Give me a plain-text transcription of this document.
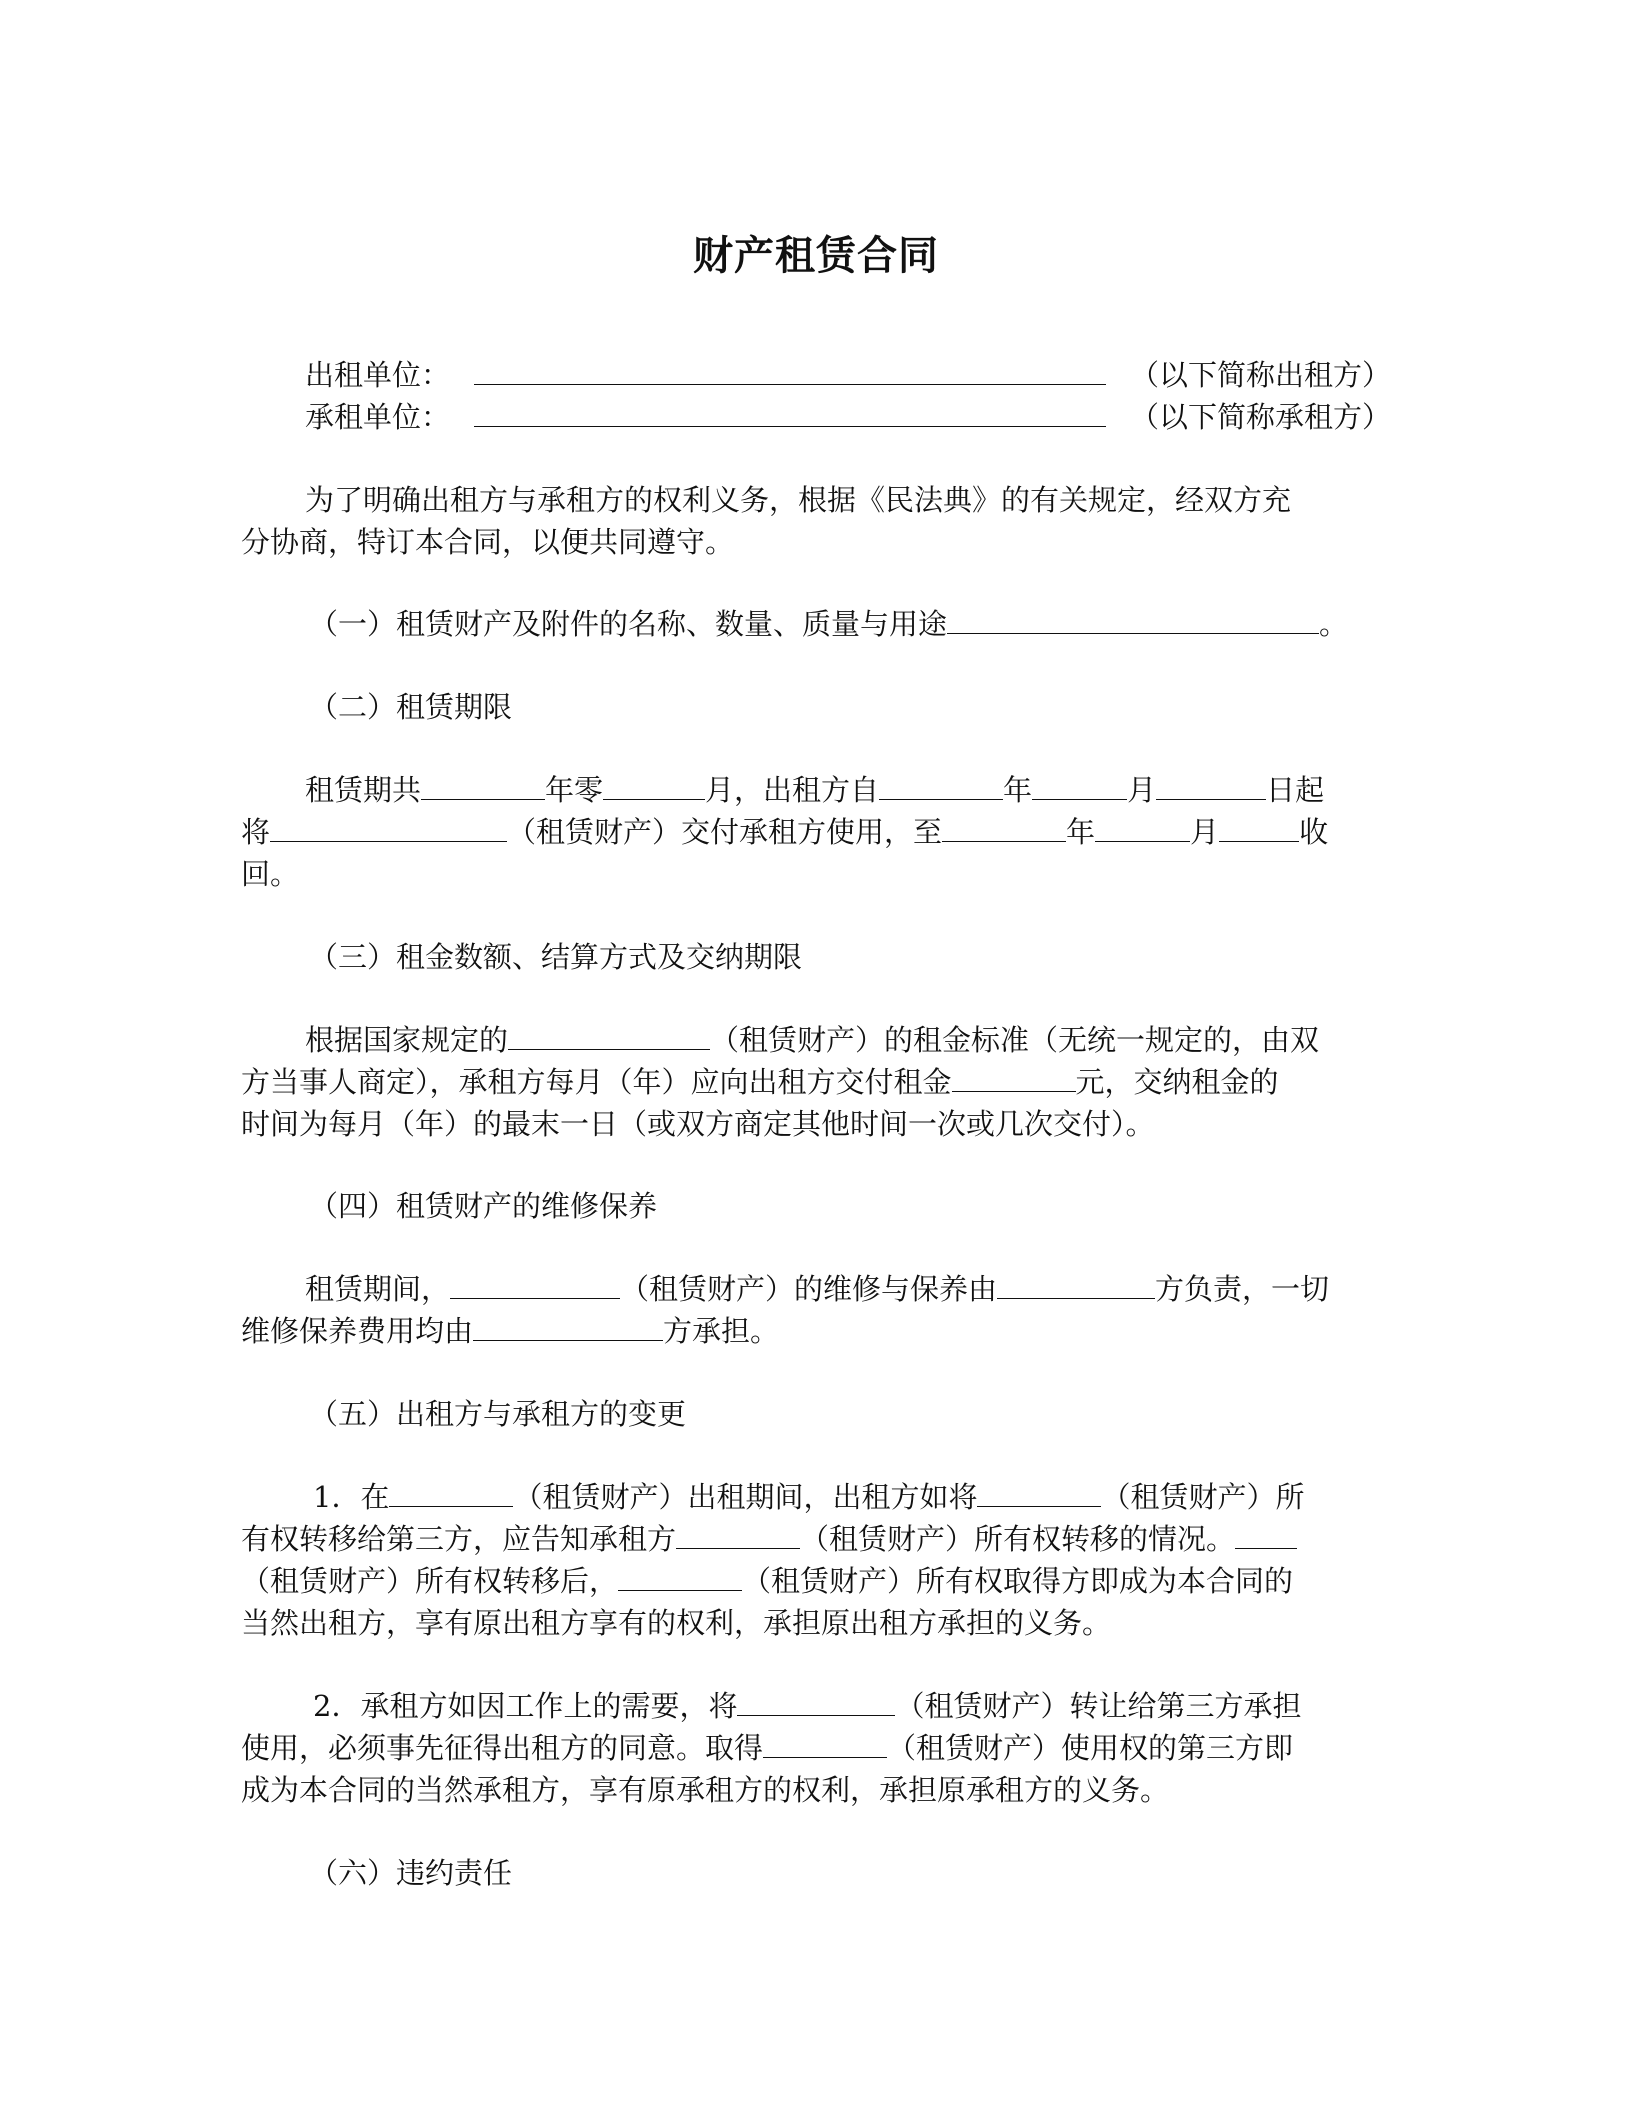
财产租赁合同
出租单位：	（以下简称出租方）
承租单位：	（以下简称承租方）
为了明确出租方与承租方的权利义务，根据《民法典》的有关规定，经双方充
分协商，特订本合同，以便共同遵守。
（一）租赁财产及附件的名称、数量、质量与用途	。
（二）租赁期限
租赁期共	年零	月，出租方自	年	月	日起
将	（租赁财产）交付承租方使用，至	年	月	收
回。
（三）租金数额、结算方式及交纳期限
根据国家规定的	（租赁财产）的租金标准（无统一规定的，由双
方当事人商定），承租方每月（年）应向出租方交付租金	元，交纳租金的
时间为每月（年）的最末一日（或双方商定其他时间一次或几次交付）。
（四）租赁财产的维修保养
租赁期间，	（租赁财产）的维修与保养由	方负责，一切
维修保养费用均由	方承担。
（五）出租方与承租方的变更
1．在	（租赁财产）出租期间，出租方如将	（租赁财产）所
有权转移给第三方，应告知承租方	（租赁财产）所有权转移的情况。
（租赁财产）所有权转移后，	（租赁财产）所有权取得方即成为本合同的
当然出租方，享有原出租方享有的权利，承担原出租方承担的义务。
2．承租方如因工作上的需要，将	（租赁财产）转让给第三方承担
使用，必须事先征得出租方的同意。取得	（租赁财产）使用权的第三方即
成为本合同的当然承租方，享有原承租方的权利，承担原承租方的义务。
（六）违约责任
